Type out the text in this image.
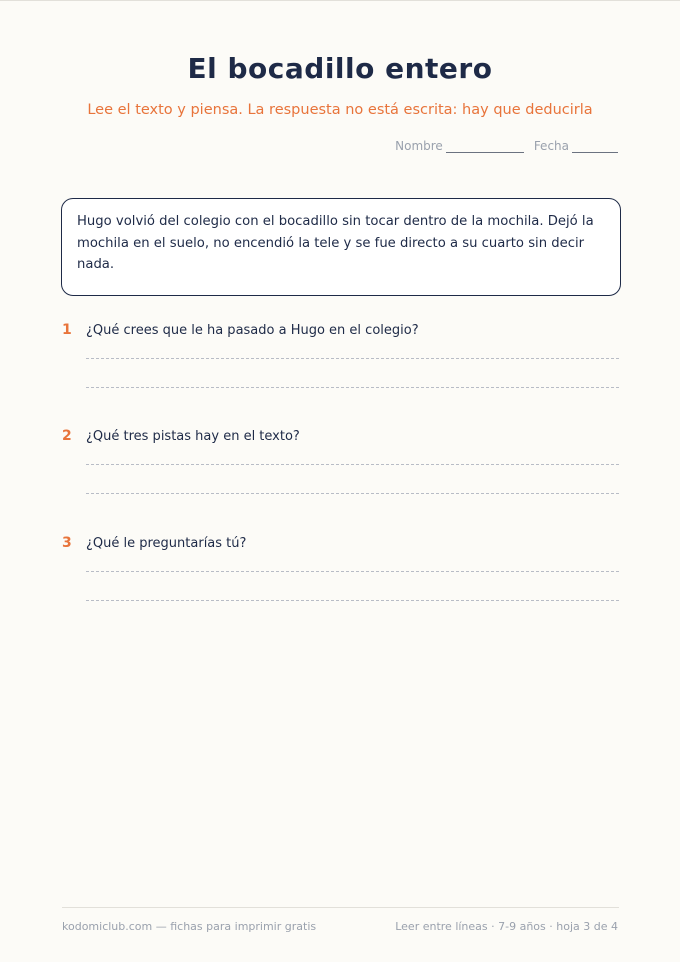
El bocadillo entero
Lee el texto y piensa. La respuesta no está escrita: hay que deducirla
Nombre	Fecha
Hugo volvió del colegio con el bocadillo sin tocar dentro de la mochila. Dejó la mochila en el suelo, no encendió la tele y se fue directo a su cuarto sin decir nada.
1	¿Qué crees que le ha pasado a Hugo en el colegio?
2	¿Qué tres pistas hay en el texto?
3	¿Qué le preguntarías tú?
kodomiclub.com — fichas para imprimir gratis	Leer entre líneas · 7-9 años · hoja 3 de 4
